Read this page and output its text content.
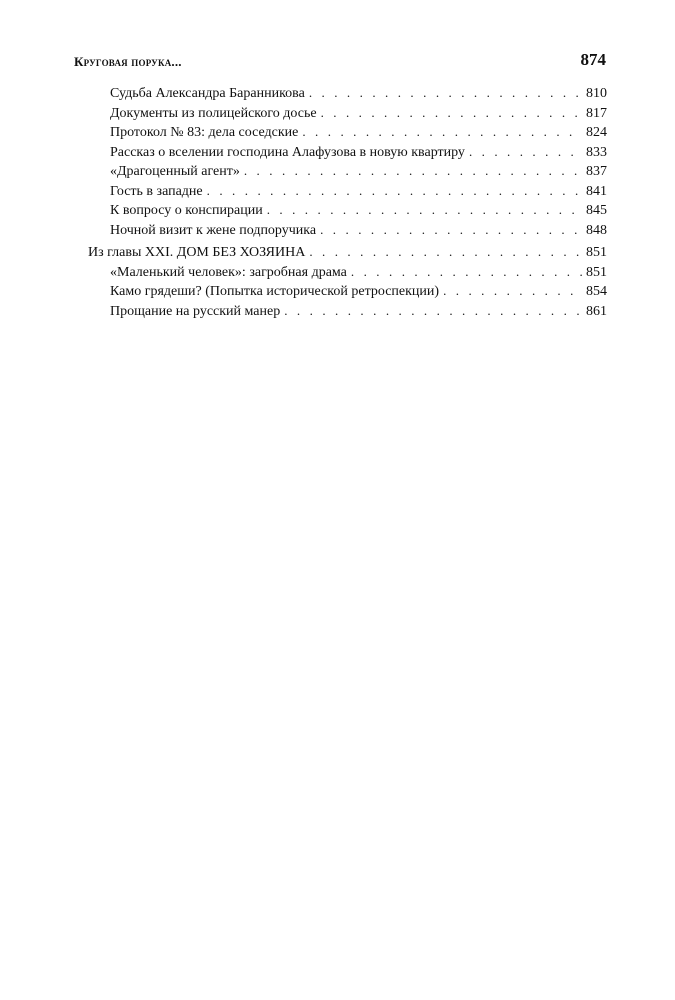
Круговая порука...	874
Судьба Александра Баранникова . . .	810
Документы из полицейского досье . . .	817
Протокол № 83: дела соседские . . .	824
Рассказ о вселении господина Алафузова в новую квартиру . . .	833
«Драгоценный агент» . . .	837
Гость в западне . . .	841
К вопросу о конспирации . . .	845
Ночной визит к жене подпоручика . . .	848
Из главы XXI. ДОМ БЕЗ ХОЗЯИНА . . .	851
«Маленький человек»: загробная драма . . .	851
Камо грядеши? (Попытка исторической ретроспекции) . . .	854
Прощание на русский манер . . .	861
